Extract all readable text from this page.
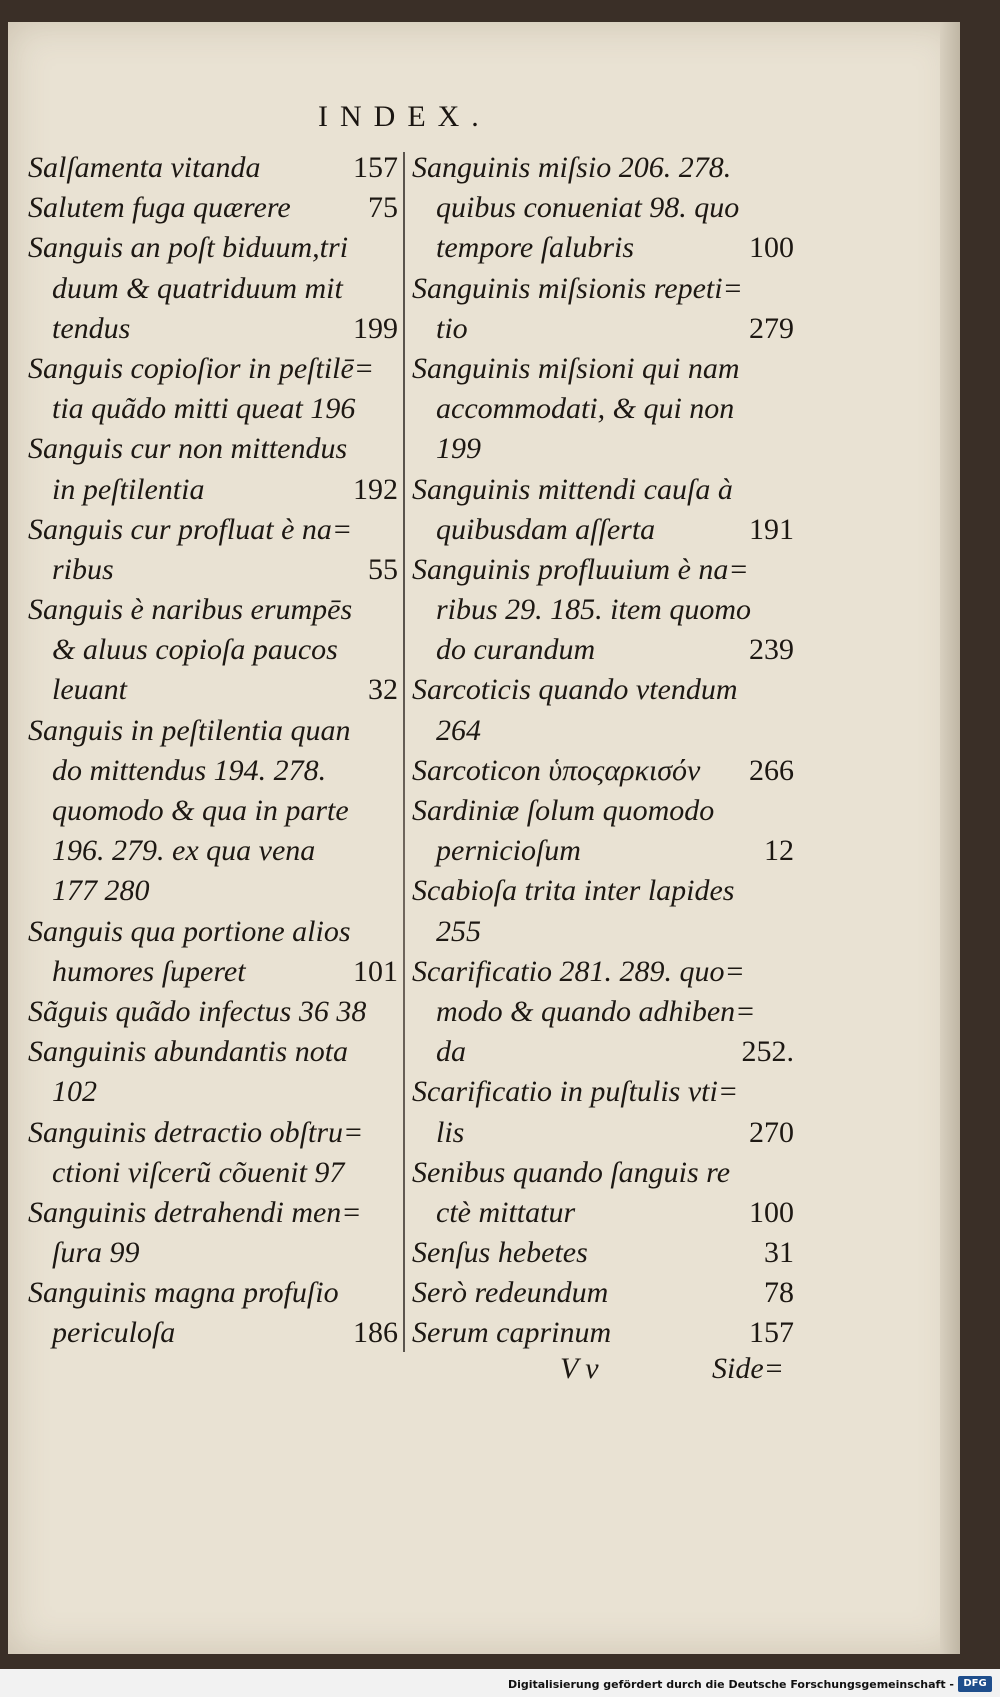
INDEX.
Salſamenta vitanda	157
Salutem fuga quærere	75
Sanguis an poſt biduum,tri
duum & quatriduum mit
tendus	199
Sanguis copioſior in peſtilē=
tia quãdo mitti queat 196
Sanguis cur non mittendus
in peſtilentia	192
Sanguis cur profluat è na=
ribus	55
Sanguis è naribus erumpēs
& aluus copioſa paucos
leuant	32
Sanguis in peſtilentia quan
do mittendus 194. 278.
quomodo & qua in parte
196. 279. ex qua vena
177 280
Sanguis qua portione alios
humores ſuperet	101
Sãguis quãdo infectus 36 38
Sanguinis abundantis nota
102
Sanguinis detractio obſtru=
ctioni viſcerũ cõuenit 97
Sanguinis detrahendi men=
ſura 99
Sanguinis magna profuſio
periculoſa	186
Sanguinis miſsio 206. 278.
quibus conueniat 98. quo
tempore ſalubris	100
Sanguinis miſsionis repeti=
tio	279
Sanguinis miſsioni qui nam
accommodati, & qui non
199
Sanguinis mittendi cauſa à
quibusdam aſſerta	191
Sanguinis profluuium è na=
ribus 29. 185. item quomo
do curandum	239
Sarcoticis quando vtendum
264
Sarcoticon ὑποςαρκισόν 266
Sardiniæ ſolum quomodo
pernicioſum	12
Scabioſa trita inter lapides
255
Scarificatio 281. 289. quo=
modo & quando adhiben=
da	252.
Scarificatio in puſtulis vti=
lis	270
Senibus quando ſanguis re
ctè mittatur	100
Senſus hebetes	31
Serò redeundum	78
Serum caprinum	157
V v	Side=
Digitalisierung gefördert durch die Deutsche Forschungsgemeinschaft - DFG
